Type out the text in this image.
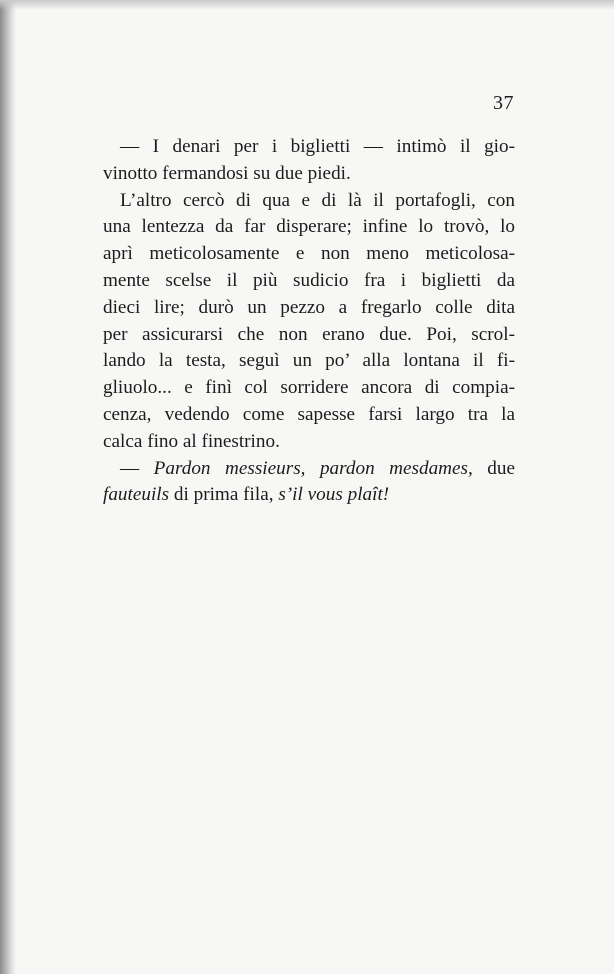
37
— I denari per i biglietti — intimò il gio-
vinotto fermandosi su due piedi.
L’altro cercò di qua e di là il portafogli, con
una lentezza da far disperare; infine lo trovò, lo
aprì meticolosamente e non meno meticolosa-
mente scelse il più sudicio fra i biglietti da
dieci lire; durò un pezzo a fregarlo colle dita
per assicurarsi che non erano due. Poi, scrol-
lando la testa, seguì un po’ alla lontana il fi-
gliuolo... e finì col sorridere ancora di compia-
cenza, vedendo come sapesse farsi largo tra la
calca fino al finestrino.
— Pardon messieurs, pardon mesdames, due
fauteuils di prima fila, s’il vous plaît!
